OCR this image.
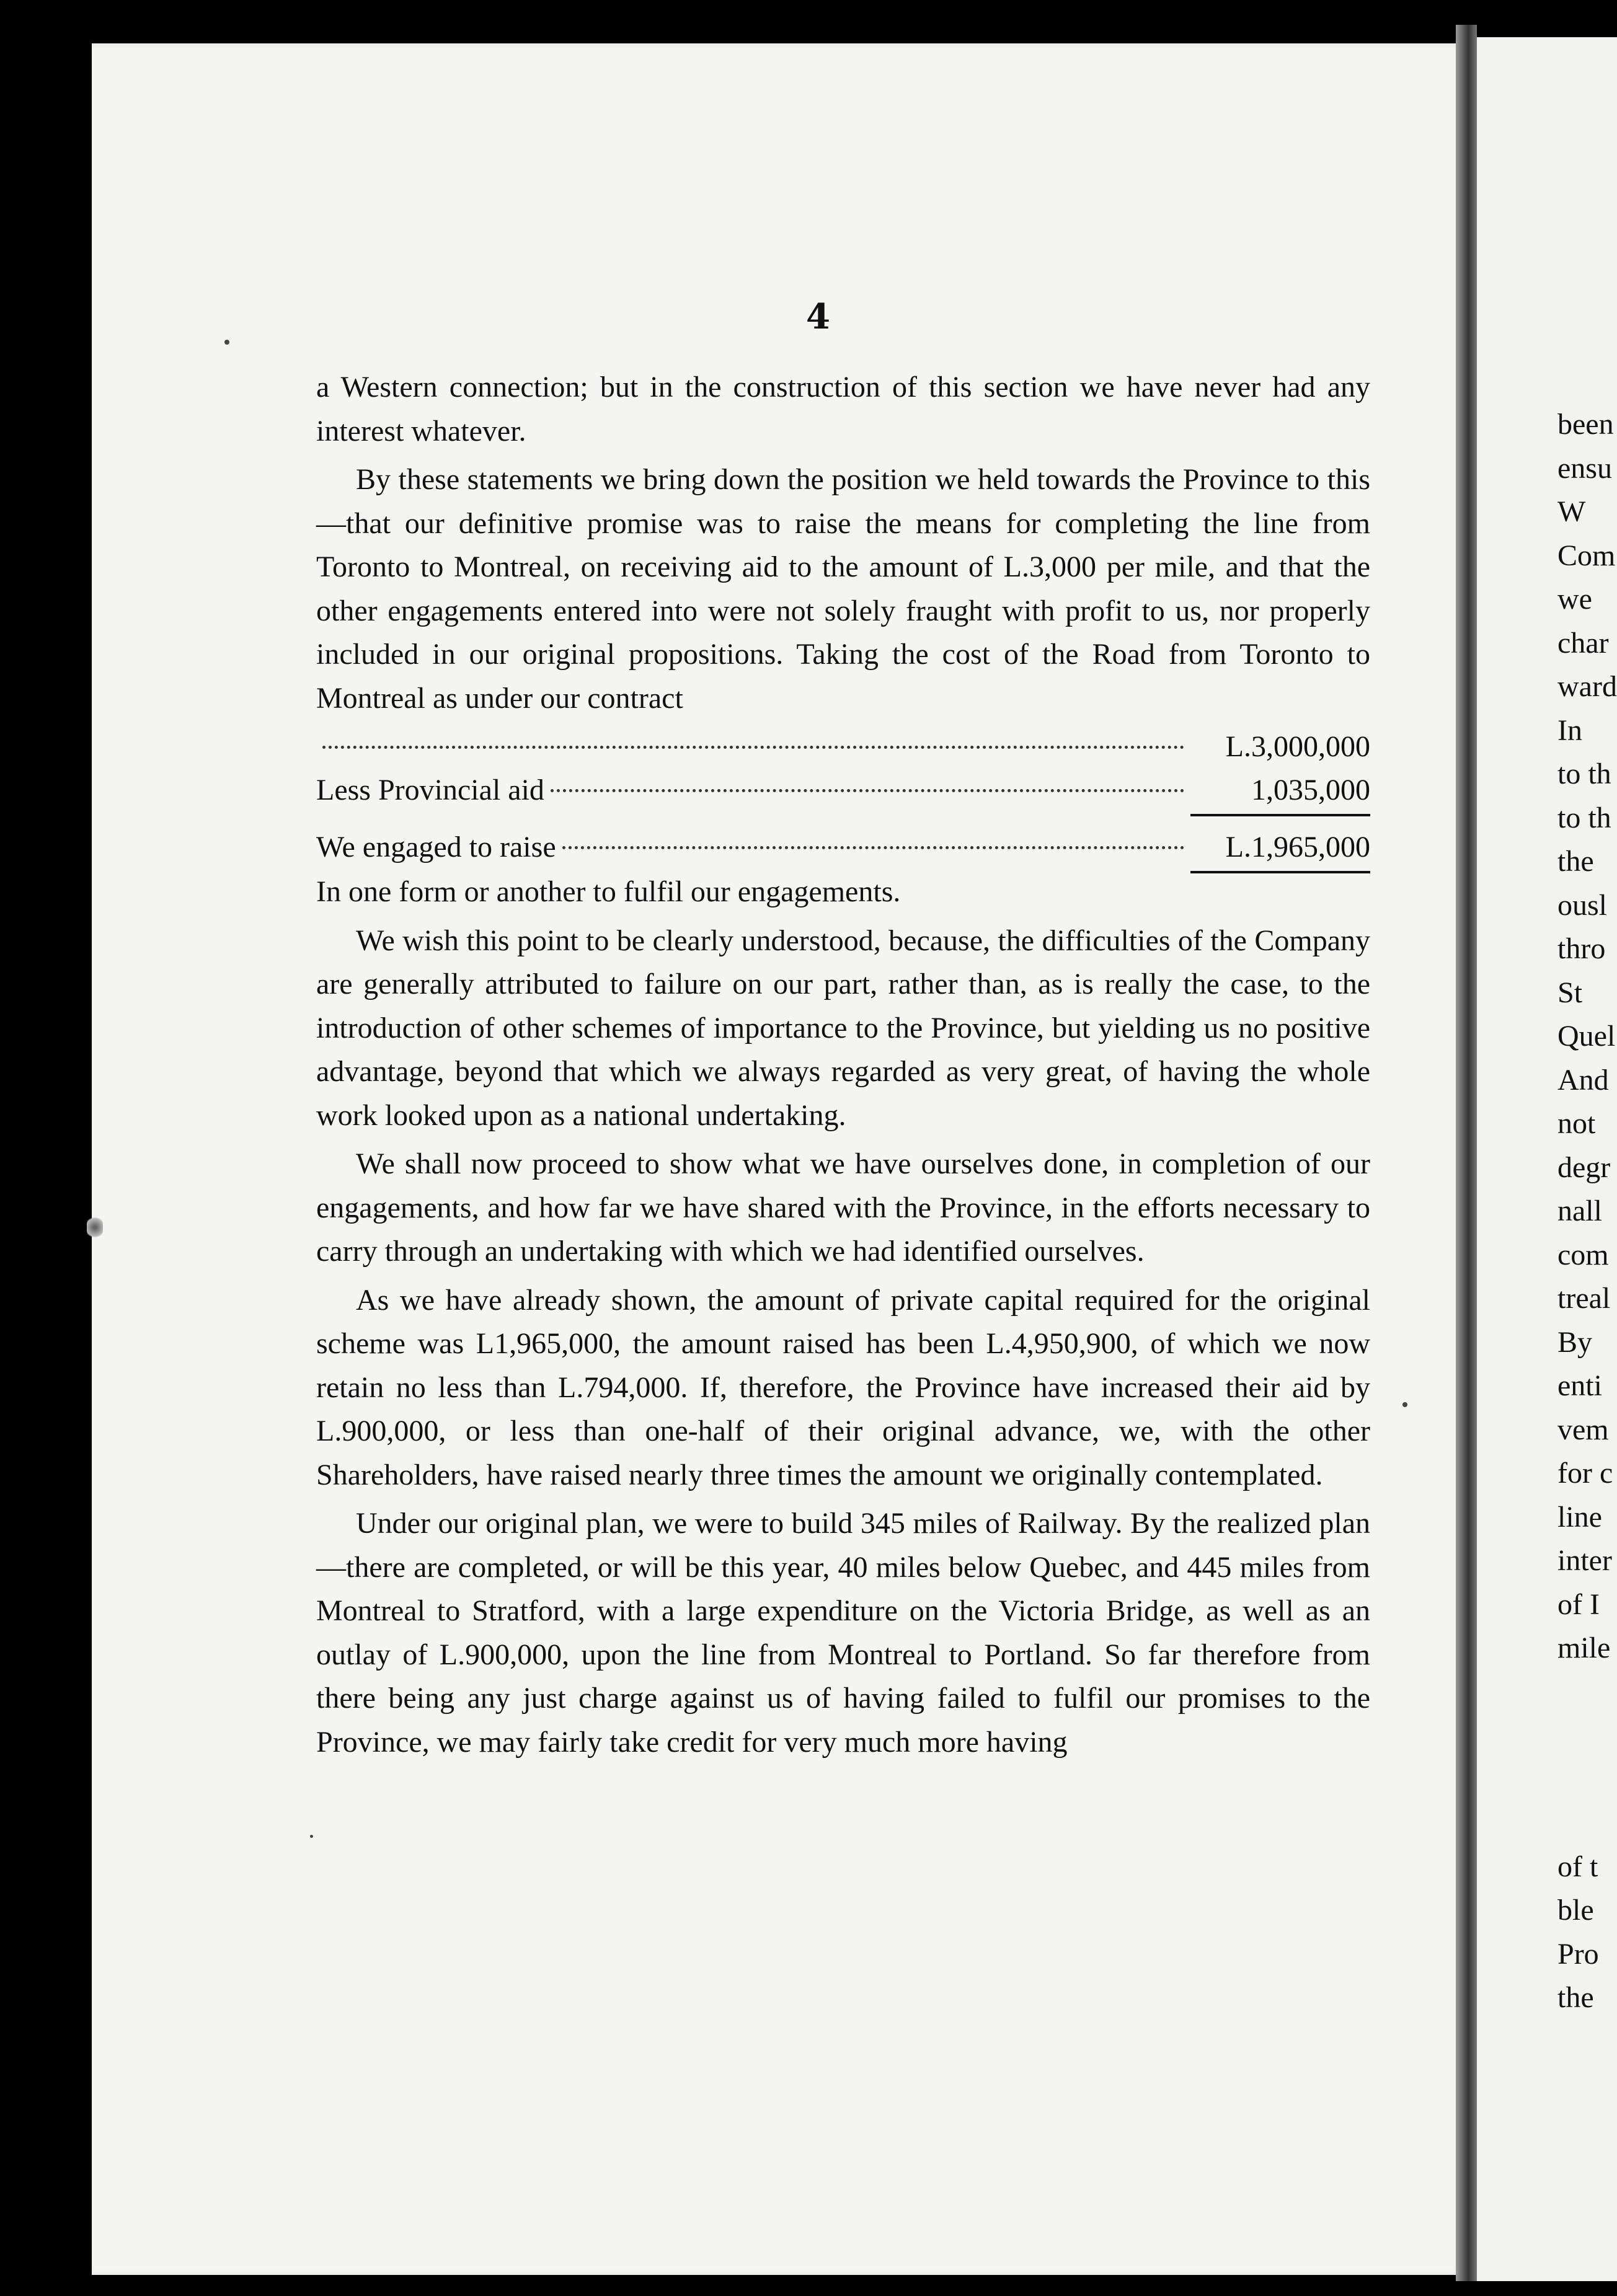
been
ensu
W
Com
we
char
ward
In
to th
to th
the
ousl
thro
St
Quel
And
not
degr
nall
com
treal
By
enti
vem
for c
line
inter
of I
mile
of t
ble
Pro
the
4

a Western connection; but in the construction of this section we have never had any interest whatever.

By these statements we bring down the position we held towards the Province to this—that our definitive promise was to raise the means for completing the line from Toronto to Montreal, on receiving aid to the amount of L.3,000 per mile, and that the other engagements entered into were not solely fraught with profit to us, nor properly included in our original propositions. Taking the cost of the Road from Toronto to Montreal as under our contract

L.3,000,000
Less Provincial aid	1,035,000
We engaged to raise	L.1,965,000

In one form or another to fulfil our engagements.

We wish this point to be clearly understood, because, the difficulties of the Company are generally attributed to failure on our part, rather than, as is really the case, to the introduction of other schemes of importance to the Province, but yielding us no positive advantage, beyond that which we always regarded as very great, of having the whole work looked upon as a national undertaking.

We shall now proceed to show what we have ourselves done, in completion of our engagements, and how far we have shared with the Province, in the efforts necessary to carry through an undertaking with which we had identified ourselves.

As we have already shown, the amount of private capital required for the original scheme was L1,965,000, the amount raised has been L.4,950,900, of which we now retain no less than L.794,000. If, therefore, the Province have increased their aid by L.900,000, or less than one-half of their original advance, we, with the other Shareholders, have raised nearly three times the amount we originally contemplated.

Under our original plan, we were to build 345 miles of Railway. By the realized plan—there are completed, or will be this year, 40 miles below Quebec, and 445 miles from Montreal to Stratford, with a large expenditure on the Victoria Bridge, as well as an outlay of L.900,000, upon the line from Montreal to Portland. So far therefore from there being any just charge against us of having failed to fulfil our promises to the Province, we may fairly take credit for very much more having
